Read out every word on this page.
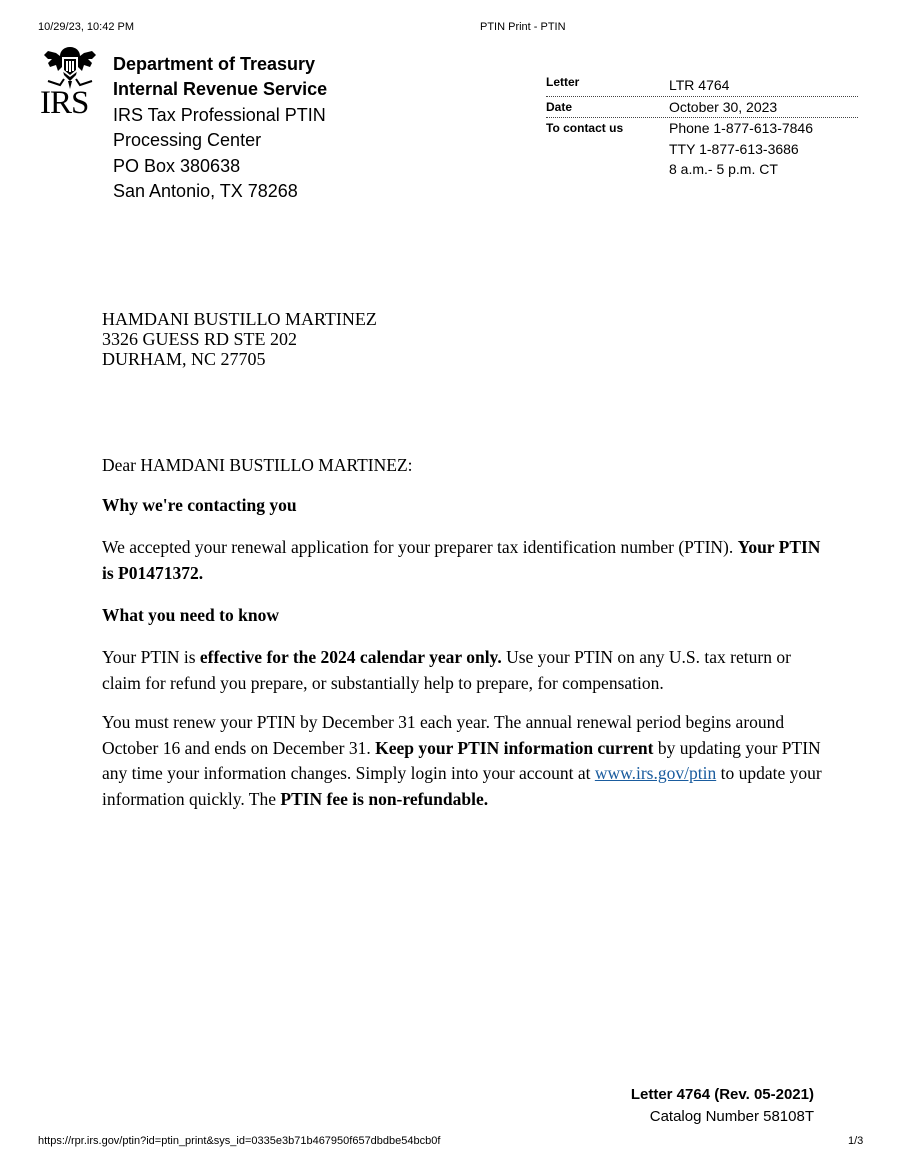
10/29/23, 10:42 PM	PTIN Print - PTIN
IRS
Department of Treasury
Internal Revenue Service
IRS Tax Professional PTIN
Processing Center
PO Box 380638
San Antonio, TX 78268
Letter	LTR 4764
Date	October 30, 2023
To contact us	Phone 1-877-613-7846
TTY 1-877-613-3686
8 a.m.- 5 p.m. CT
HAMDANI BUSTILLO MARTINEZ
3326 GUESS RD STE 202
DURHAM, NC 27705
Dear HAMDANI BUSTILLO MARTINEZ:
Why we're contacting you
We accepted your renewal application for your preparer tax identification number (PTIN). Your PTIN is P01471372.
What you need to know
Your PTIN is effective for the 2024 calendar year only. Use your PTIN on any U.S. tax return or claim for refund you prepare, or substantially help to prepare, for compensation.
You must renew your PTIN by December 31 each year. The annual renewal period begins around October 16 and ends on December 31. Keep your PTIN information current by updating your PTIN any time your information changes. Simply login into your account at www.irs.gov/ptin to update your information quickly. The PTIN fee is non-refundable.
Letter 4764 (Rev. 05-2021)
Catalog Number 58108T
https://rpr.irs.gov/ptin?id=ptin_print&sys_id=0335e3b71b467950f657dbdbe54bcb0f	1/3
